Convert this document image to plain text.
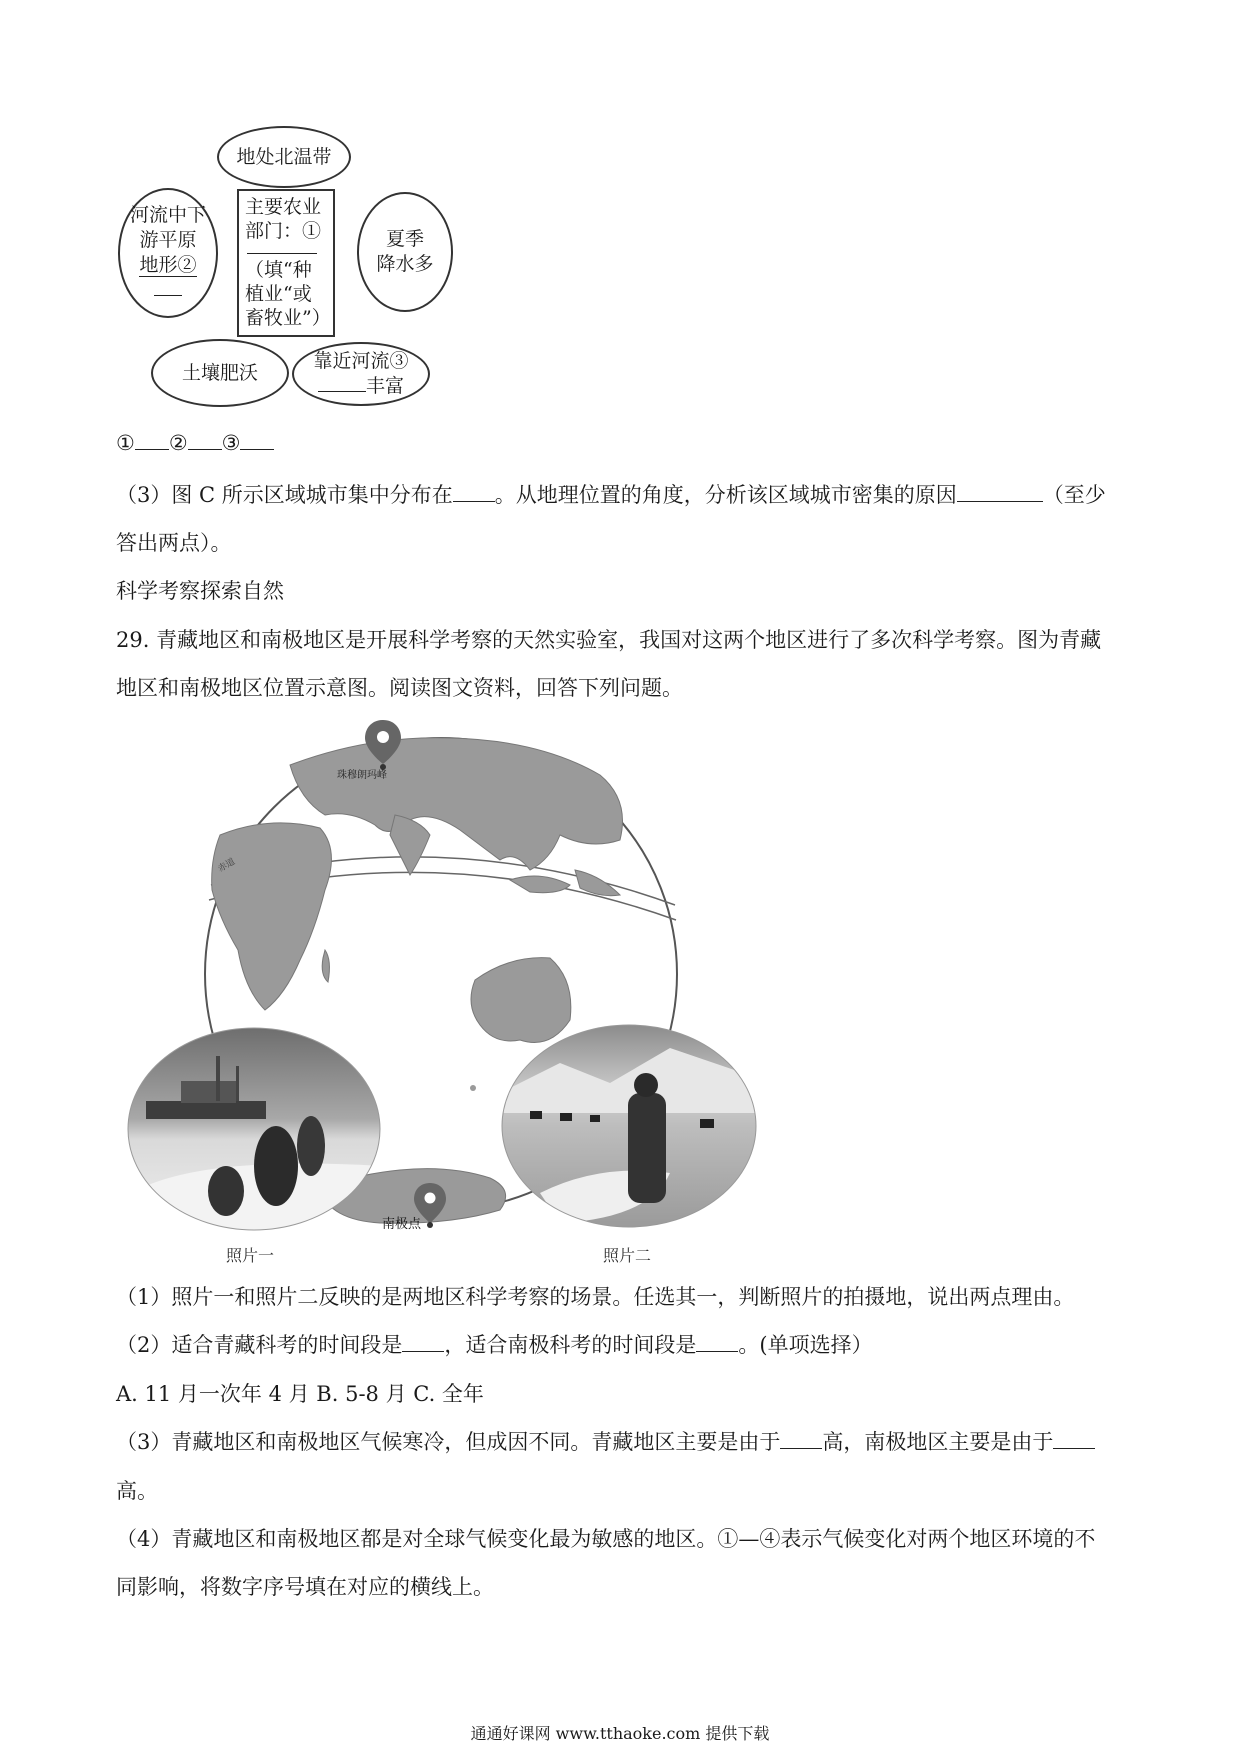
地处北温带
河流中下
游平原
地形②
主要农业
部门：①
（填“种
植业“或
畜牧业”）
夏季
降水多
土壤肥沃
靠近河流③
丰富
① ② ③
（3）图 C 所示区域城市集中分布在 。从地理位置的角度，分析该区域城市密集的原因	（至少
答出两点）。
科学考察探索自然
29. 青藏地区和南极地区是开展科学考察的天然实验室，我国对这两个地区进行了多次科学考察。图为青藏
地区和南极地区位置示意图。阅读图文资料，回答下列问题。
珠穆朗玛峰
赤道
南极点
照片一	照片二
（1）照片一和照片二反映的是两地区科学考察的场景。任选其一，判断照片的拍摄地，说出两点理由。
（2）适合青藏科考的时间段是 ，适合南极科考的时间段是 。(单项选择）
A. 11 月一次年 4 月 B. 5-8 月 C. 全年
（3）青藏地区和南极地区气候寒冷，但成因不同。青藏地区主要是由于 高，南极地区主要是由于
高。
（4）青藏地区和南极地区都是对全球气候变化最为敏感的地区。①—④表示气候变化对两个地区环境的不
同影响，将数字序号填在对应的横线上。
通通好课网 www.tthaoke.com 提供下载
